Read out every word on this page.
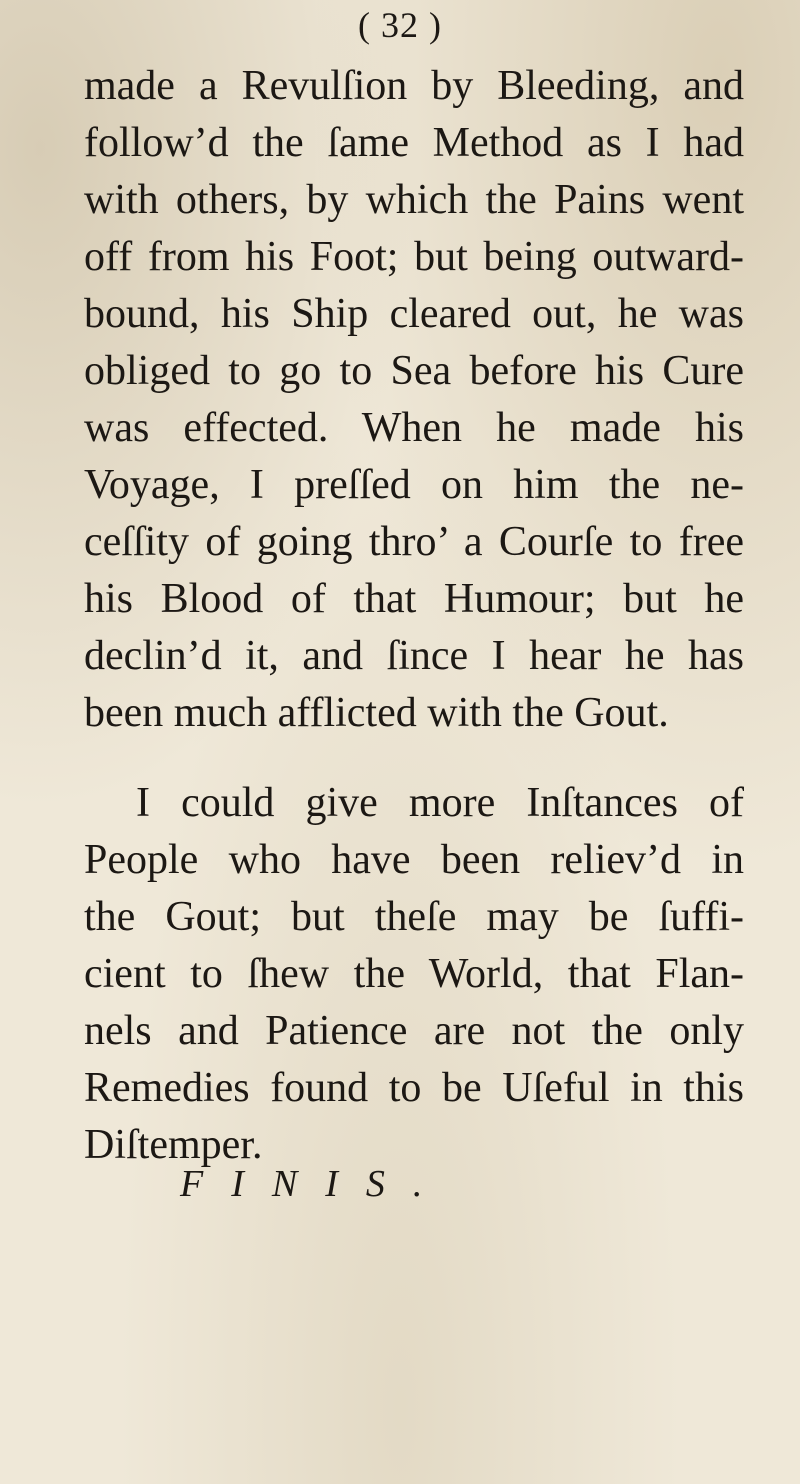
( 32 )
made a Revulſion by Bleeding, and
follow’d the ſame Method as I had
with others, by which the Pains went
off from his Foot; but being outward-
bound, his Ship cleared out, he was
obliged to go to Sea before his Cure
was effected. When he made his
Voyage, I preſſed on him the ne-
ceſſity of going thro’ a Courſe to free
his Blood of that Humour; but he
declin’d it, and ſince I hear he has
been much afflicted with the Gout.
I could give more Inſtances of
People who have been reliev’d in
the Gout; but theſe may be ſuffi-
cient to ſhew the World, that Flan-
nels and Patience are not the only
Remedies found to be Uſeful in this
Diſtemper.
FINIS.
